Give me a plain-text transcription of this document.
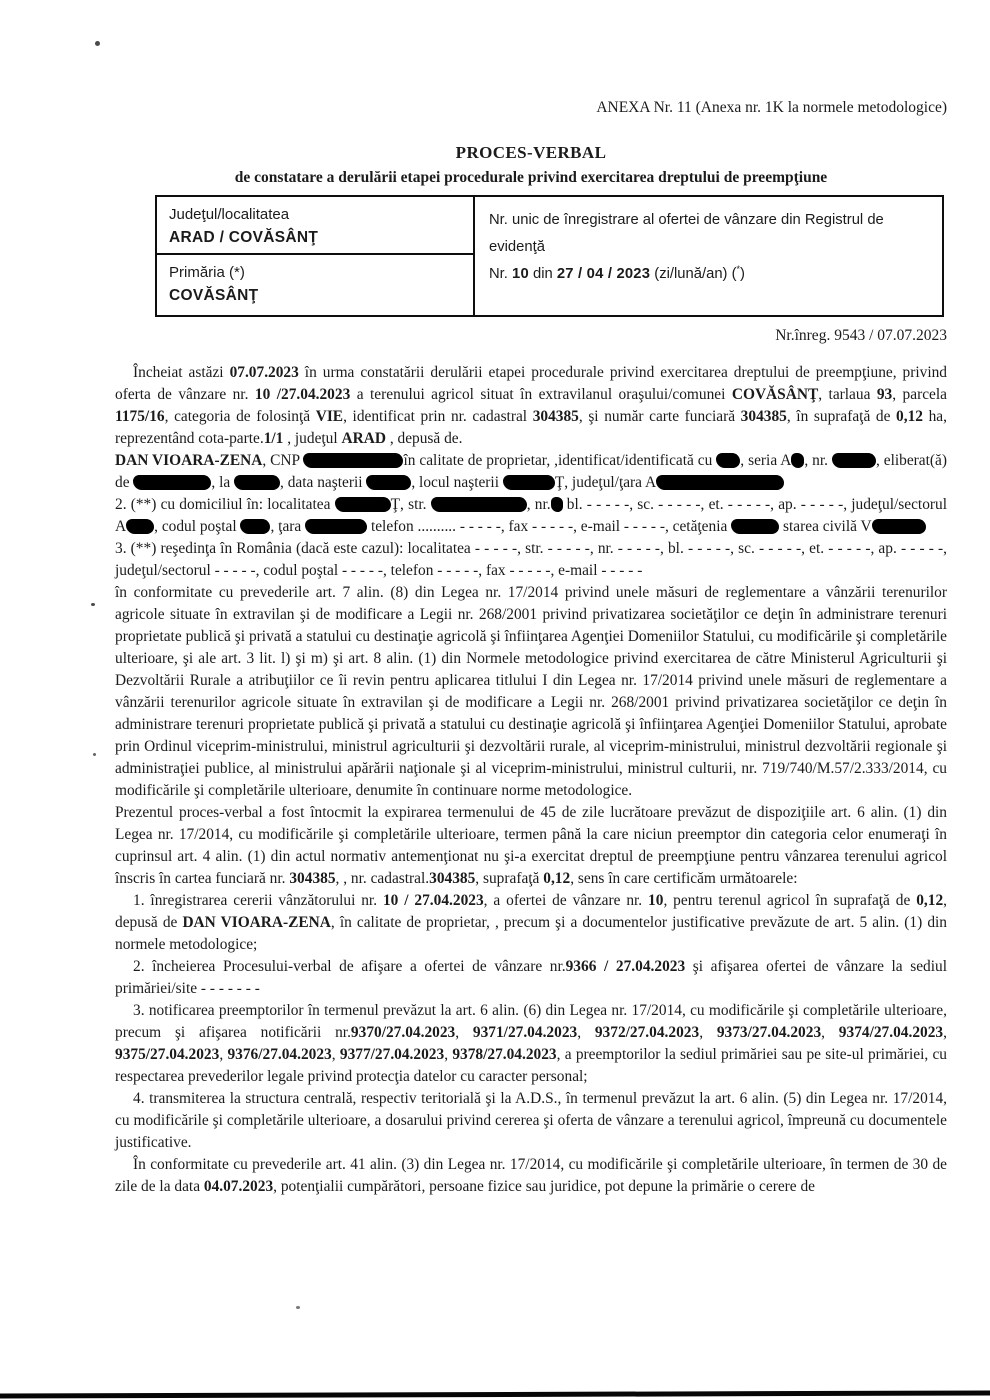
ANEXA Nr. 11 (Anexa nr. 1K la normele metodologice)
PROCES-VERBAL
de constatare a derulării etapei procedurale privind exercitarea dreptului de preempţiune
Judeţul/localitatea
ARAD / COVĂSÂNŢ
Primăria (*)
COVĂSÂNŢ
Nr. unic de înregistrare al ofertei de vânzare din Registrul de evidenţă
Nr. 10 din 27 / 04 / 2023 (zi/lună/an) (*)
Nr.înreg. 9543 / 07.07.2023

Încheiat astăzi 07.07.2023 în urma constatării derulării etapei procedurale privind exercitarea dreptului de preempţiune, privind oferta de vânzare nr. 10 /27.04.2023 a terenului agricol situat în extravilanul oraşului/comunei COVĂSÂNŢ, tarlaua 93, parcela 1175/16, categoria de folosinţă VIE, identificat prin nr. cadastral 304385, şi număr carte funciară 304385, în suprafaţă de 0,12 ha, reprezentând cota-parte.1/1 , judeţul ARAD , depusă de.

DAN VIOARA-ZENA, CNP	în calitate de proprietar, ,identificat/identificată cu , seria A , nr.	, eliberat(ă) de	, la	, data naşterii	, locul naşterii	Ţ, judeţul/ţara A

2. (**) cu domiciliul în: localitatea	Ţ, str.	, nr. bl. - - - - -, sc. - - - - -, et. - - - - -, ap. - - - - -, judeţul/sectorul A , codul poştal , ţara	telefon .......... - - - - -, fax - - - - -, e-mail - - - - -, cetăţenia	starea civilă V

3. (**) reşedinţa în România (dacă este cazul): localitatea - - - - -, str. - - - - -, nr. - - - - -, bl. - - - - -, sc. - - - - -, et. - - - - -, ap. - - - - -, judeţul/sectorul - - - - -, codul poştal - - - - -, telefon - - - - -, fax - - - - -, e-mail - - - - -

în conformitate cu prevederile art. 7 alin. (8) din Legea nr. 17/2014 privind unele măsuri de reglementare a vânzării terenurilor agricole situate în extravilan şi de modificare a Legii nr. 268/2001 privind privatizarea societăţilor ce deţin în administrare terenuri proprietate publică şi privată a statului cu destinaţie agricolă şi înfiinţarea Agenţiei Domeniilor Statului, cu modificările şi completările ulterioare, şi ale art. 3 lit. l) şi m) şi art. 8 alin. (1) din Normele metodologice privind exercitarea de către Ministerul Agriculturii şi Dezvoltării Rurale a atribuţiilor ce îi revin pentru aplicarea titlului I din Legea nr. 17/2014 privind unele măsuri de reglementare a vânzării terenurilor agricole situate în extravilan şi de modificare a Legii nr. 268/2001 privind privatizarea societăţilor ce deţin în administrare terenuri proprietate publică şi privată a statului cu destinaţie agricolă şi înfiinţarea Agenţiei Domeniilor Statului, aprobate prin Ordinul viceprim-ministrului, ministrul agriculturii şi dezvoltării rurale, al viceprim-ministrului, ministrul dezvoltării regionale şi administraţiei publice, al ministrului apărării naţionale şi al viceprim-ministrului, ministrul culturii, nr. 719/740/M.57/2.333/2014, cu modificările şi completările ulterioare, denumite în continuare norme metodologice.

Prezentul proces-verbal a fost întocmit la expirarea termenului de 45 de zile lucrătoare prevăzut de dispoziţiile art. 6 alin. (1) din Legea nr. 17/2014, cu modificările şi completările ulterioare, termen până la care niciun preemptor din categoria celor enumeraţi în cuprinsul art. 4 alin. (1) din actul normativ antemenţionat nu şi-a exercitat dreptul de preempţiune pentru vânzarea terenului agricol înscris în cartea funciară nr. 304385, , nr. cadastral.304385, suprafaţă 0,12, sens în care certificăm următoarele:

1. înregistrarea cererii vânzătorului nr. 10 / 27.04.2023, a ofertei de vânzare nr. 10, pentru terenul agricol în suprafaţă de 0,12, depusă de DAN VIOARA-ZENA, în calitate de proprietar, , precum şi a documentelor justificative prevăzute de art. 5 alin. (1) din normele metodologice;

2. încheierea Procesului-verbal de afişare a ofertei de vânzare nr.9366 / 27.04.2023 şi afişarea ofertei de vânzare la sediul primăriei/site - - - - - - -

3. notificarea preemptorilor în termenul prevăzut la art. 6 alin. (6) din Legea nr. 17/2014, cu modificările şi completările ulterioare, precum şi afişarea notificării nr.9370/27.04.2023, 9371/27.04.2023, 9372/27.04.2023, 9373/27.04.2023, 9374/27.04.2023, 9375/27.04.2023, 9376/27.04.2023, 9377/27.04.2023, 9378/27.04.2023, a preemptorilor la sediul primăriei sau pe site-ul primăriei, cu respectarea prevederilor legale privind protecţia datelor cu caracter personal;

4. transmiterea la structura centrală, respectiv teritorială şi la A.D.S., în termenul prevăzut la art. 6 alin. (5) din Legea nr. 17/2014, cu modificările şi completările ulterioare, a dosarului privind cererea şi oferta de vânzare a terenului agricol, împreună cu documentele justificative.

În conformitate cu prevederile art. 41 alin. (3) din Legea nr. 17/2014, cu modificările şi completările ulterioare, în termen de 30 de zile de la data 04.07.2023, potenţialii cumpărători, persoane fizice sau juridice, pot depune la primărie o cerere de
